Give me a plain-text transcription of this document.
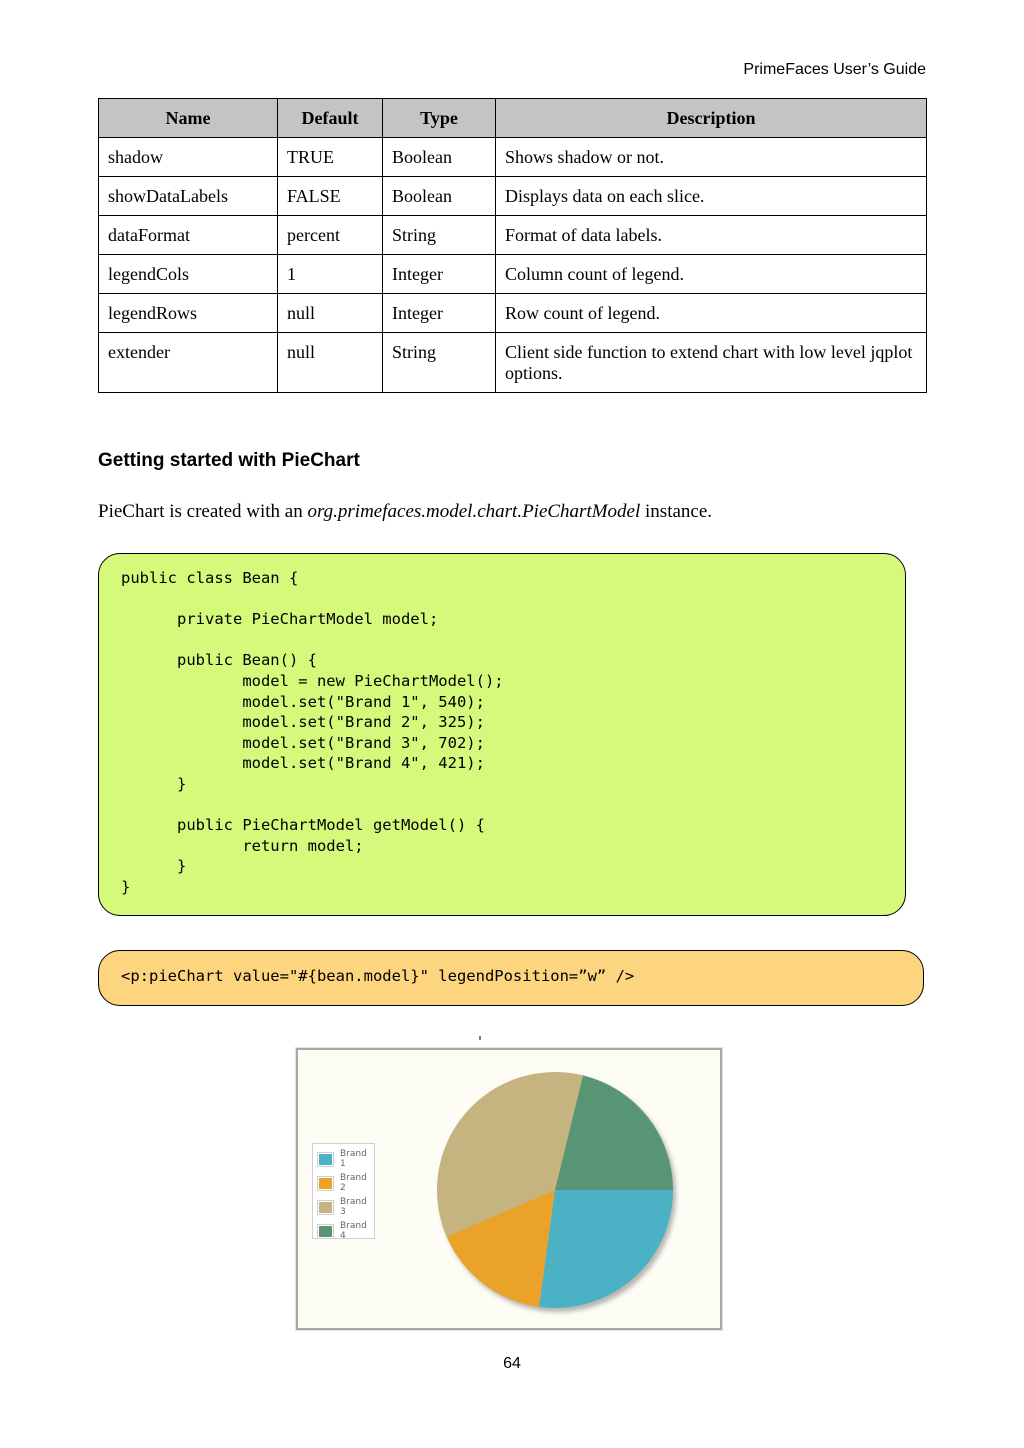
PrimeFaces User’s Guide
Name	Default	Type	Description
shadow	TRUE	Boolean	Shows shadow or not.
showDataLabels	FALSE	Boolean	Displays data on each slice.
dataFormat	percent	String	Format of data labels.
legendCols	1	Integer	Column count of legend.
legendRows	null	Integer	Row count of legend.
extender	null	String	Client side function to extend chart with low level jqplot options.
Getting started with PieChart
PieChart is created with an org.primefaces.model.chart.PieChartModel instance.
public class Bean {

private PieChartModel model;

public Bean() {
model = new PieChartModel();
model.set("Brand 1", 540);
model.set("Brand 2", 325);
model.set("Brand 3", 702);
model.set("Brand 4", 421);
}

public PieChartModel getModel() {
return model;
}
}
<p:pieChart value="#{bean.model}" legendPosition=”w” />
Brand 1
Brand 2
Brand 3
Brand 4
64
